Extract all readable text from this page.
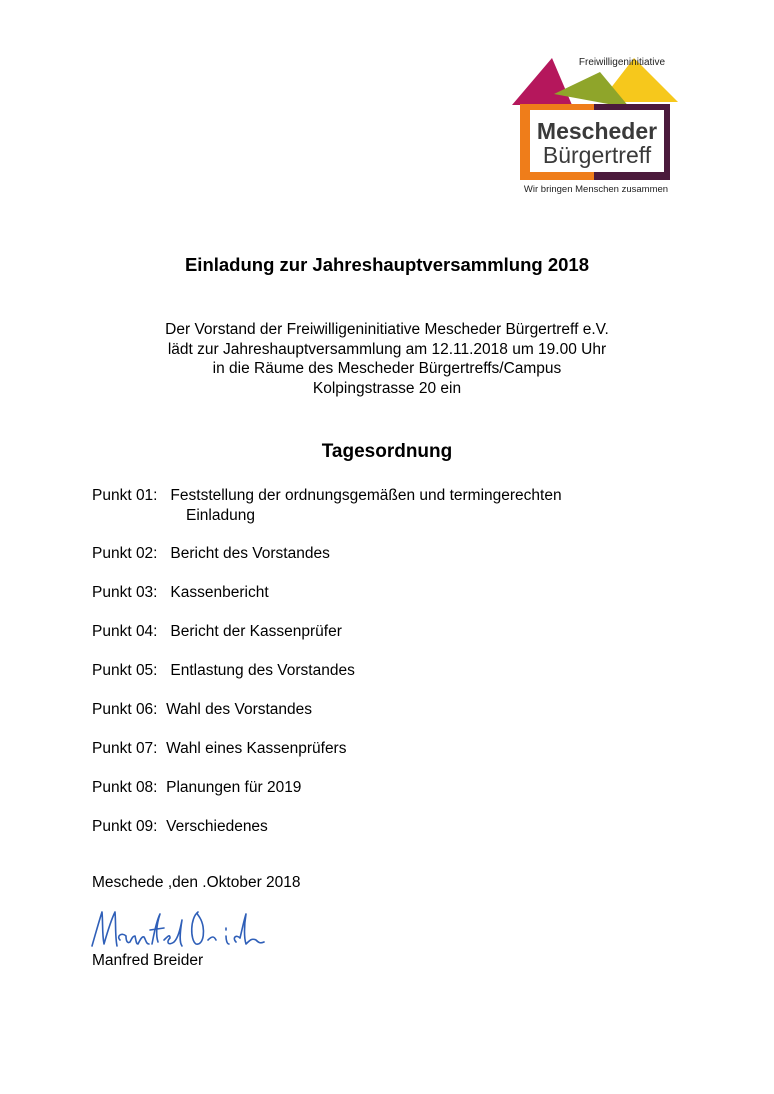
Freiwilligeninitiative
Mescheder
Bürgertreff
Wir bringen Menschen zusammen
Einladung zur Jahreshauptversammlung 2018
Der Vorstand der Freiwilligeninitiative Mescheder Bürgertreff e.V.
lädt zur Jahreshauptversammlung am 12.11.2018 um 19.00 Uhr
in die Räume des Mescheder Bürgertreffs/Campus
Kolpingstrasse 20 ein
Tagesordnung
Punkt 01: Feststellung der ordnungsgemäßen und termingerechten
Einladung
Punkt 02: Bericht des Vorstandes
Punkt 03: Kassenbericht
Punkt 04: Bericht der Kassenprüfer
Punkt 05: Entlastung des Vorstandes
Punkt 06: Wahl des Vorstandes
Punkt 07: Wahl eines Kassenprüfers
Punkt 08: Planungen für 2019
Punkt 09: Verschiedenes
Meschede ,den .Oktober 2018
Manfred Breider
